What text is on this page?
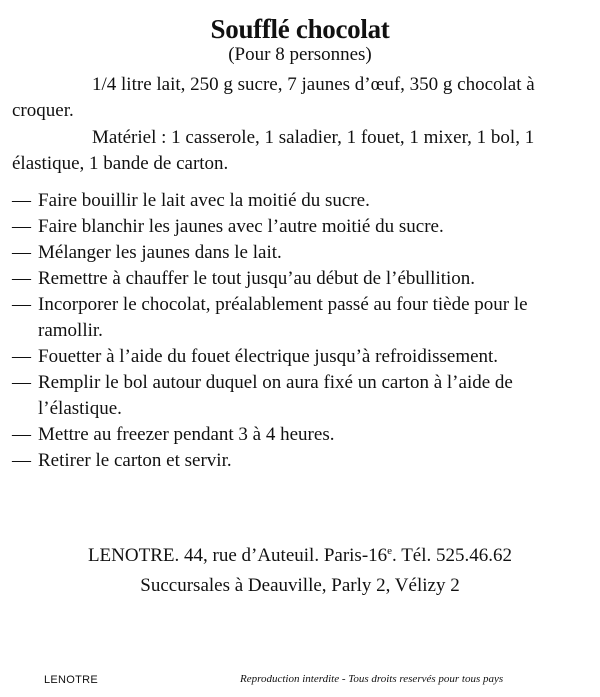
Soufflé chocolat
(Pour 8 personnes)
1/4 litre lait, 250 g sucre, 7 jaunes d’œuf, 350 g chocolat à croquer.
Matériel : 1 casserole, 1 saladier, 1 fouet, 1 mixer, 1 bol, 1 élastique, 1 bande de carton.
— Faire bouillir le lait avec la moitié du sucre.
— Faire blanchir les jaunes avec l’autre moitié du sucre.
— Mélanger les jaunes dans le lait.
— Remettre à chauffer le tout jusqu’au début de l’ébullition.
— Incorporer le chocolat, préalablement passé au four tiède pour le ramollir.
— Fouetter à l’aide du fouet électrique jusqu’à refroidissement.
— Remplir le bol autour duquel on aura fixé un carton à l’aide de l’élastique.
— Mettre au freezer pendant 3 à 4 heures.
— Retirer le carton et servir.
LENOTRE. 44, rue d’Auteuil. Paris-16e. Tél. 525.46.62
Succursales à Deauville, Parly 2, Vélizy 2
LENOTRE	Reproduction interdite - Tous droits reservés pour tous pays
